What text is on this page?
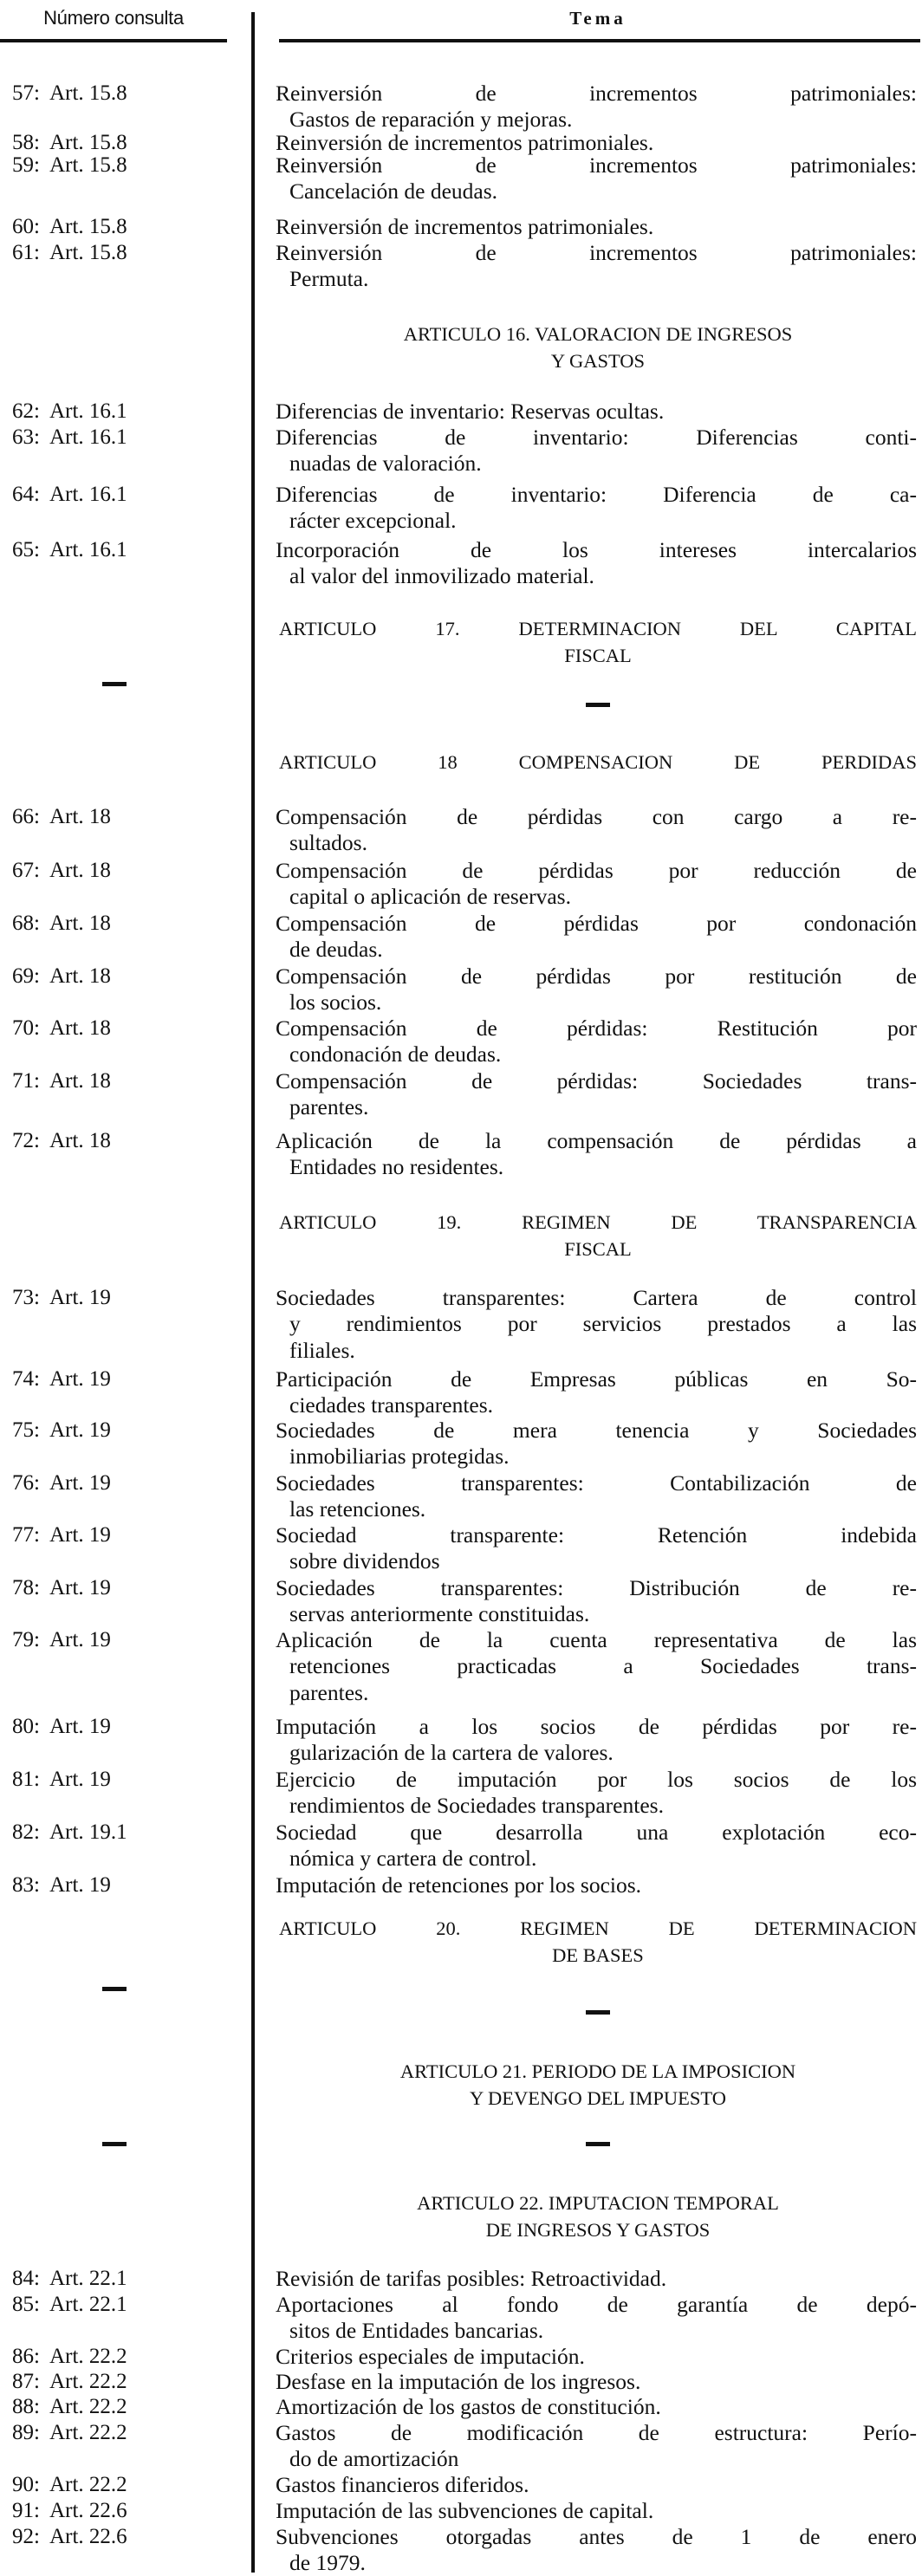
Número consulta	Tema
57:  Art. 15.8	Reinversión de incrementos patrimoniales:
Gastos de reparación y mejoras.
58:  Art. 15.8	Reinversión de incrementos patrimoniales.
59:  Art. 15.8	Reinversión de incrementos patrimoniales:
Cancelación de deudas.
60:  Art. 15.8	Reinversión de incrementos patrimoniales.
61:  Art. 15.8	Reinversión de incrementos patrimoniales:
Permuta.
ARTICULO 16. VALORACION DE INGRESOS
Y GASTOS
62:  Art. 16.1	Diferencias de inventario: Reservas ocultas.
63:  Art. 16.1	Diferencias de inventario: Diferencias conti-
nuadas de valoración.
64:  Art. 16.1	Diferencias de inventario: Diferencia de ca-
rácter excepcional.
65:  Art. 16.1	Incorporación de los intereses intercalarios
al valor del inmovilizado material.
ARTICULO 17. DETERMINACION DEL CAPITAL
FISCAL
ARTICULO 18 COMPENSACION DE PERDIDAS
66:  Art. 18	Compensación de pérdidas con cargo a re-
sultados.
67:  Art. 18	Compensación de pérdidas por reducción de
capital o aplicación de reservas.
68:  Art. 18	Compensación de pérdidas por condonación
de deudas.
69:  Art. 18	Compensación de pérdidas por restitución de
los socios.
70:  Art. 18	Compensación de pérdidas: Restitución por
condonación de deudas.
71:  Art. 18	Compensación de pérdidas: Sociedades trans-
parentes.
72:  Art. 18	Aplicación de la compensación de pérdidas a
Entidades no residentes.
ARTICULO 19. REGIMEN DE TRANSPARENCIA
FISCAL
73:  Art. 19	Sociedades transparentes: Cartera de control
y rendimientos por servicios prestados a las
filiales.
74:  Art. 19	Participación de Empresas públicas en So-
ciedades transparentes.
75:  Art. 19	Sociedades de mera tenencia y Sociedades
inmobiliarias protegidas.
76:  Art. 19	Sociedades transparentes: Contabilización de
las retenciones.
77:  Art. 19	Sociedad transparente: Retención indebida
sobre dividendos
78:  Art. 19	Sociedades transparentes: Distribución de re-
servas anteriormente constituidas.
79:  Art. 19	Aplicación de la cuenta representativa de las
retenciones practicadas a Sociedades trans-
parentes.
80:  Art. 19	Imputación a los socios de pérdidas por re-
gularización de la cartera de valores.
81:  Art. 19	Ejercicio de imputación por los socios de los
rendimientos de Sociedades transparentes.
82:  Art. 19.1	Sociedad que desarrolla una explotación eco-
nómica y cartera de control.
83:  Art. 19	Imputación de retenciones por los socios.
ARTICULO 20. REGIMEN DE DETERMINACION
DE BASES
ARTICULO 21. PERIODO DE LA IMPOSICION
Y DEVENGO DEL IMPUESTO
ARTICULO 22. IMPUTACION TEMPORAL
DE INGRESOS Y GASTOS
84:  Art. 22.1	Revisión de tarifas posibles: Retroactividad.
85:  Art. 22.1	Aportaciones al fondo de garantía de depó-
sitos de Entidades bancarias.
86:  Art. 22.2	Criterios especiales de imputación.
87:  Art. 22.2	Desfase en la imputación de los ingresos.
88:  Art. 22.2	Amortización de los gastos de constitución.
89:  Art. 22.2	Gastos de modificación de estructura: Perío-
do de amortización
90:  Art. 22.2	Gastos financieros diferidos.
91:  Art. 22.6	Imputación de las subvenciones de capital.
92:  Art. 22.6	Subvenciones otorgadas antes de 1 de enero
de 1979.
